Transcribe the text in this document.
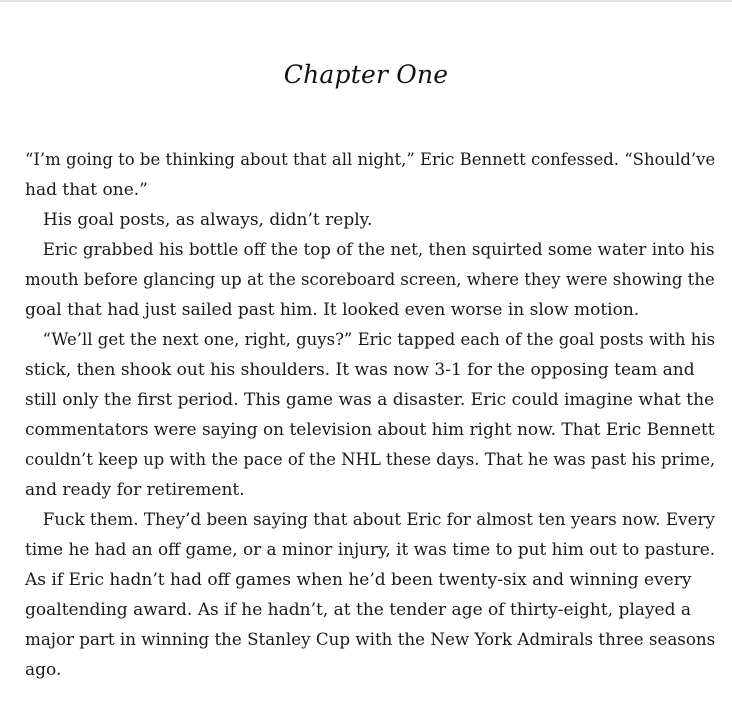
Chapter One
“I’m going to be thinking about that all night,” Eric Bennett confessed. “Should’ve
had that one.”
His goal posts, as always, didn’t reply.
Eric grabbed his bottle off the top of the net, then squirted some water into his
mouth before glancing up at the scoreboard screen, where they were showing the
goal that had just sailed past him. It looked even worse in slow motion.
“We’ll get the next one, right, guys?” Eric tapped each of the goal posts with his
stick, then shook out his shoulders. It was now 3-1 for the opposing team and
still only the first period. This game was a disaster. Eric could imagine what the
commentators were saying on television about him right now. That Eric Bennett
couldn’t keep up with the pace of the NHL these days. That he was past his prime,
and ready for retirement.
Fuck them. They’d been saying that about Eric for almost ten years now. Every
time he had an off game, or a minor injury, it was time to put him out to pasture.
As if Eric hadn’t had off games when he’d been twenty-six and winning every
goaltending award. As if he hadn’t, at the tender age of thirty-eight, played a
major part in winning the Stanley Cup with the New York Admirals three seasons
ago.
